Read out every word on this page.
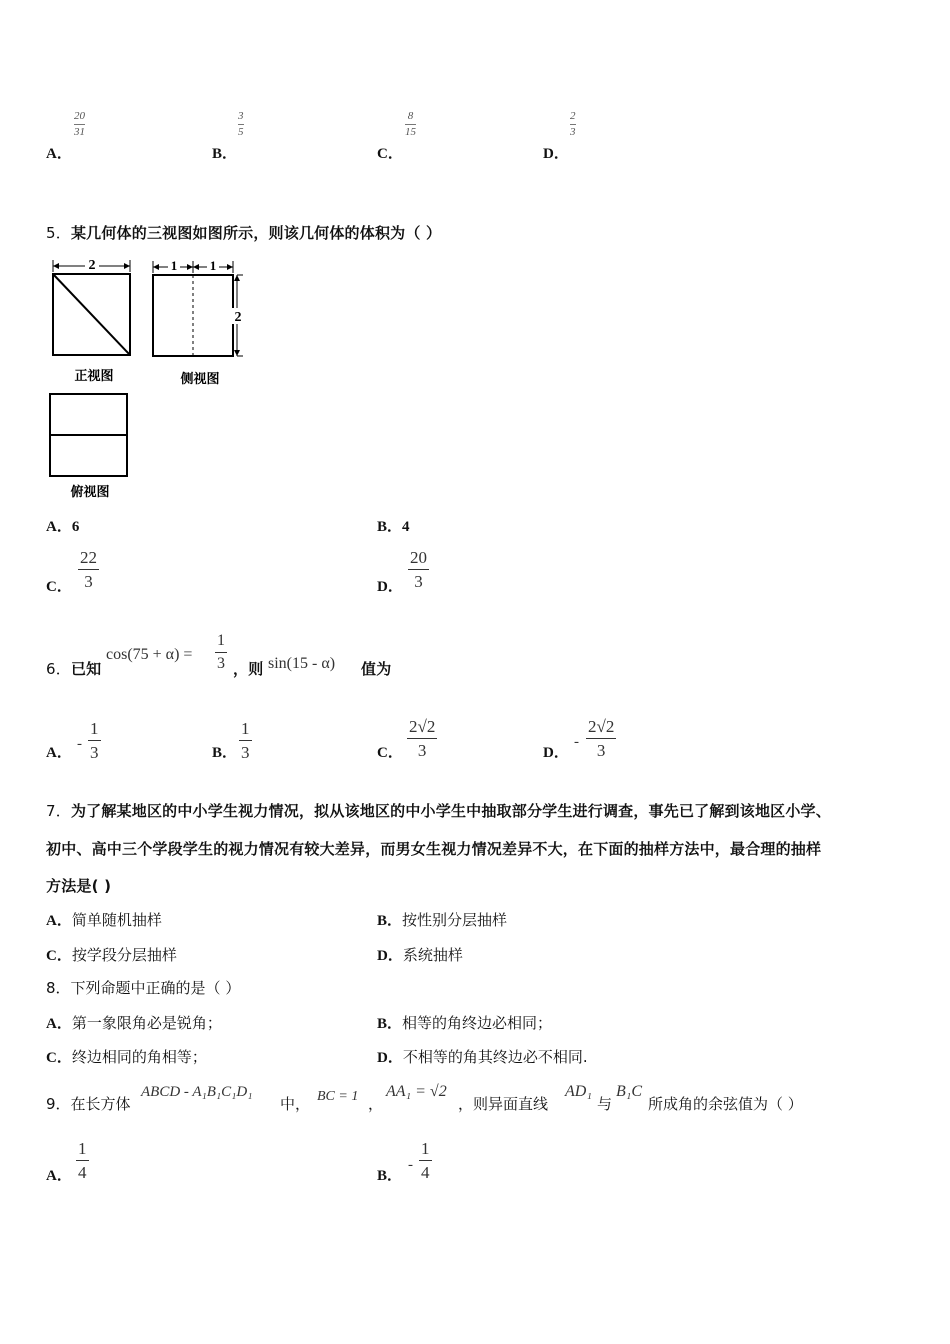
A．
20
31
B．
3
5
C．
8
15
D．
2
3
5．某几何体的三视图如图所示，则该几何体的体积为（ ）
2
正视图
1	1
2
侧视图
俯视图
A．6	B．4
C．
22
3	D．
20
3
6．已知
cos(75 + α) =
1
3 ，则 sin(15 - α) 值为
A．
-
1
3	B．
1
3	C．
2√2
3	D．
-
2√2
3
7．为了解某地区的中小学生视力情况，拟从该地区的中小学生中抽取部分学生进行调查，事先已了解到该地区小学、
初中、高中三个学段学生的视力情况有较大差异，而男女生视力情况差异不大，在下面的抽样方法中，最合理的抽样
方法是( )
A．简单随机抽样	B．按性别分层抽样
C．按学段分层抽样	D．系统抽样
8．下列命题中正确的是（ ）
A．第一象限角必是锐角；	B．相等的角终边必相同；
C．终边相同的角相等；	D．不相等的角其终边必不相同.
9．在长方体
ABCD - A₁B₁C₁D₁
中， BC = 1 ，
AA₁ = √2
，则异面直线
AD₁
与
B₁C
所成角的余弦值为（ ）
A．
1
4	B．
-
1
4
